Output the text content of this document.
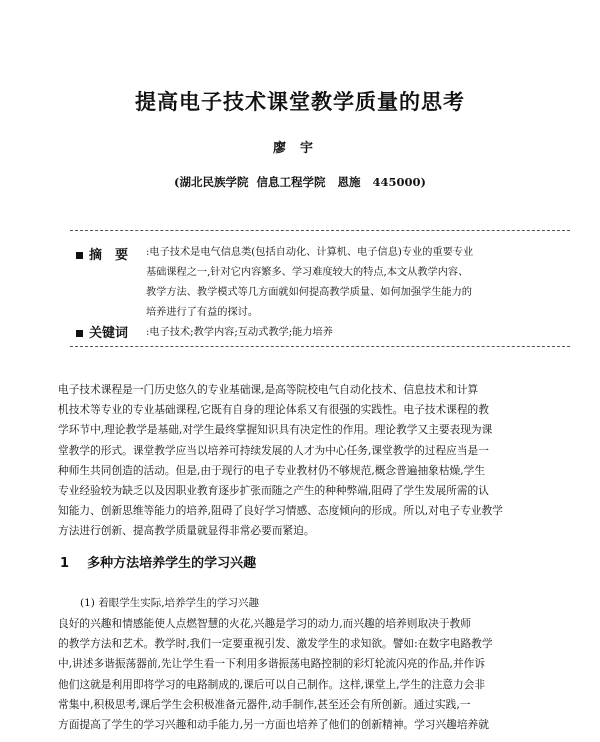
提高电子技术课堂教学质量的思考
廖宇
(湖北民族学院  信息工程学院   恩施   445000)
摘　要 :电子技术是电气信息类(包括自动化、计算机、电子信息)专业的重要专业
基础课程之一,针对它内容繁多、学习难度较大的特点,本文从教学内容、
教学方法、教学模式等几方面就如何提高教学质量、如何加强学生能力的
培养进行了有益的探讨。
关键词 :电子技术;教学内容;互动式教学;能力培养
电子技术课程是一门历史悠久的专业基础课,是高等院校电气自动化技术、信息技术和计算
机技术等专业的专业基础课程,它既有自身的理论体系又有很强的实践性。电子技术课程的教
学环节中,理论教学是基础,对学生最终掌握知识具有决定性的作用。理论教学又主要表现为课
堂教学的形式。课堂教学应当以培养可持续发展的人才为中心任务,课堂教学的过程应当是一
种师生共同创造的活动。但是,由于现行的电子专业教材仍不够规范,概念普遍抽象枯燥,学生
专业经验较为缺乏以及因职业教育逐步扩张而随之产生的种种弊端,阻碍了学生发展所需的认
知能力、创新思维等能力的培养,阻碍了良好学习情感、态度倾向的形成。所以,对电子专业教学
方法进行创新、提高教学质量就显得非常必要而紧迫。
1 多种方法培养学生的学习兴趣
(1) 着眼学生实际,培养学生的学习兴趣
良好的兴趣和情感能使人点燃智慧的火花,兴趣是学习的动力,而兴趣的培养则取决于教师
的教学方法和艺术。教学时,我们一定要重视引发、激发学生的求知欲。譬如:在数字电路教学
中,讲述多谐振荡器前,先让学生看一下利用多谐振荡电路控制的彩灯轮流闪亮的作品,并作诉
他们这就是利用即将学习的电路制成的,课后可以自己制作。这样,课堂上,学生的注意力会非
常集中,积极思考,课后学生会积极准备元器件,动手制作,甚至还会有所创新。通过实践,一
方面提高了学生的学习兴趣和动手能力,另一方面也培养了他们的创新精神。学习兴趣培养就
